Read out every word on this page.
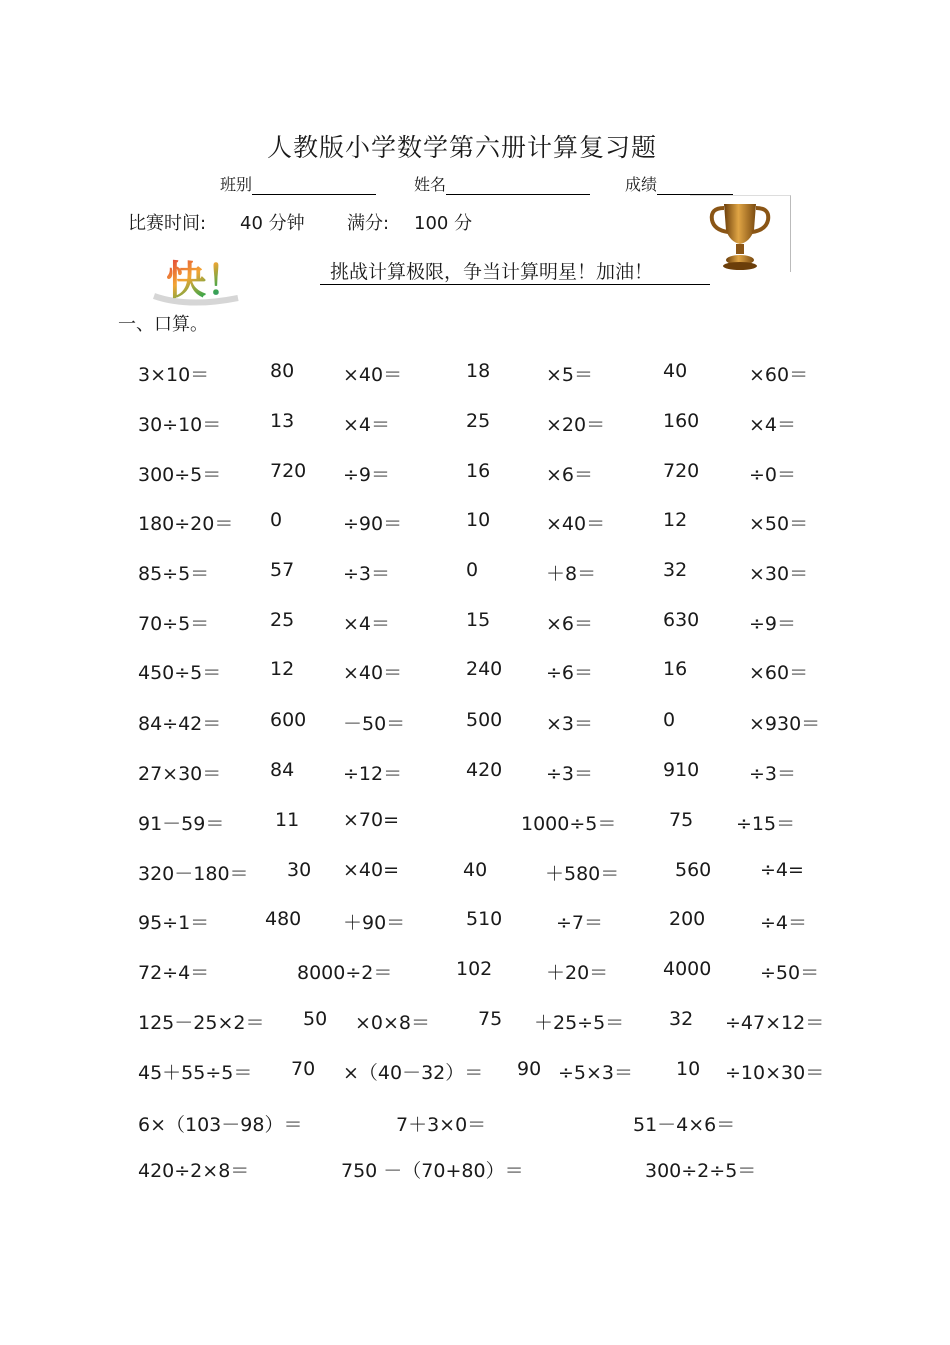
人教版小学数学第六册计算复习题
班别	姓名	成绩
比赛时间: 40 分钟 满分: 100 分
快！	挑战计算极限，争当计算明星！加油！
一、口算。
3×10＝	80	×40＝	18	×5＝	40	×60＝
30÷10＝	13	×4＝	25	×20＝	160	×4＝
300÷5＝	720 ÷9＝	16	×6＝	720	÷0＝
180÷20＝ 0	÷90＝	10	×40＝	12	×50＝
85÷5＝	57	÷3＝	0	＋8＝	32	×30＝
70÷5＝	25	×4＝	15	×6＝	630	÷9＝
450÷5＝	12	×40＝	240 ÷6＝	16	×60＝
84÷42＝	600 －50＝	500 ×3＝	0	×930＝
27×30＝	84	÷12＝	420 ÷3＝	910	÷3＝
91－59＝	11 ×70=	1000÷5＝	75 ÷15＝
320－180＝ 30 ×40=	40	＋580＝	560	÷4=
95÷1＝	480 ＋90＝	510	÷7＝	200	÷4＝
72÷4＝	8000÷2＝	102	＋20＝	4000	÷50＝
125－25×2＝ 50 ×0×8＝	75 ＋25÷5＝ 32 ÷47×12＝
45＋55÷5＝ 70 ×（40－32）＝ 90 ÷5×3＝ 10 ÷10×30＝
6×（103－98）＝	7＋3×0＝	51－4×6＝
420÷2×8＝	750 －（70+80）＝	300÷2÷5＝
